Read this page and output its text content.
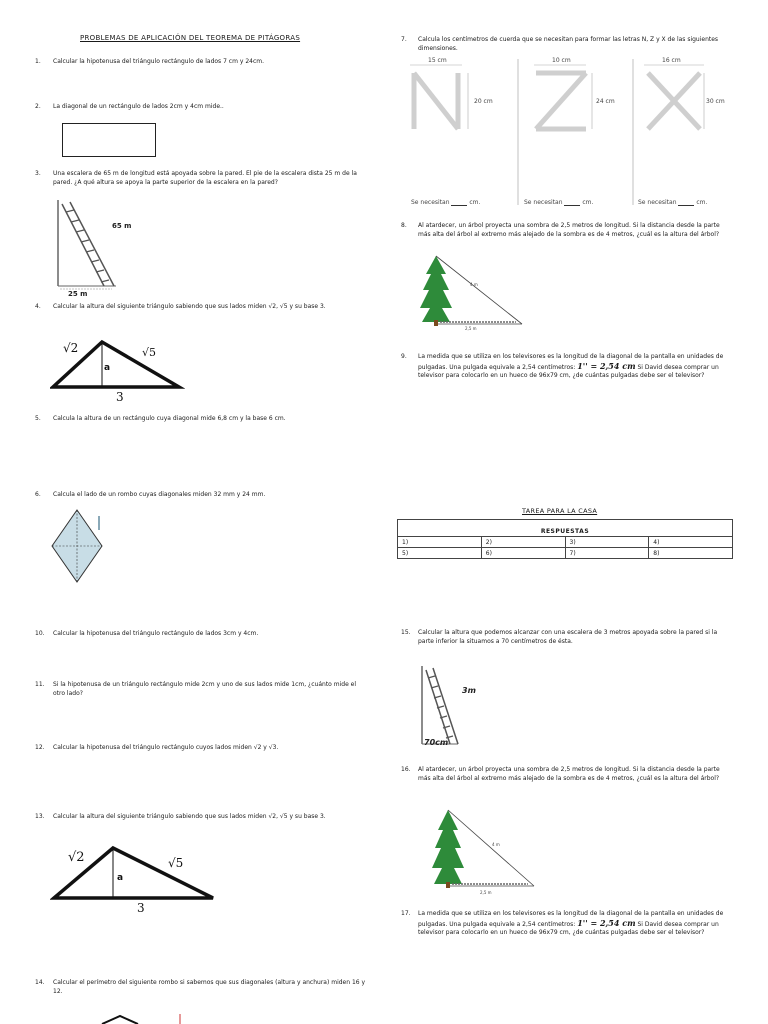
PROBLEMAS DE APLICACIÓN DEL TEOREMA DE PITÁGORAS
1. Calcular la hipotenusa del triángulo rectángulo de lados 7 cm y 24cm.
2. La diagonal de un rectángulo de lados 2cm y 4cm mide..
3. Una escalera de 65 m de longitud está apoyada sobre la pared. El pie de la escalera dista 25 m de la pared. ¿A qué altura se apoya la parte superior de la escalera en la pared?
65 m
25 m
4. Calcular la altura del siguiente triángulo sabiendo que sus lados miden √2, √5 y su base 3.
√2	√5
a
3
5. Calcula la altura de un rectángulo cuya diagonal mide 6,8 cm y la base 6 cm.
6. Calcula el lado de un rombo cuyas diagonales miden 32 mm y 24 mm.
7. Calcula los centímetros de cuerda que se necesitan para formar las letras N, Z y X de las siguientes dimensiones.
15 cm
20 cm
10 cm
24 cm
16 cm
30 cm
Se necesitan	cm.	Se necesitan	cm.	Se necesitan	cm.
8. Al atardecer, un árbol proyecta una sombra de 2,5 metros de longitud. Si la distancia desde la parte más alta del árbol al extremo más alejado de la sombra es de 4 metros, ¿cuál es la altura del árbol?
4 m
2,5 m
9. La medida que se utiliza en los televisores es la longitud de la diagonal de la pantalla en unidades de pulgadas. Una pulgada equivale a 2,54 centímetros: 1'' = 2,54 cm Si David desea comprar un televisor para colocarlo en un hueco de 96x79 cm, ¿de cuántas pulgadas debe ser el televisor?
TAREA PARA LA CASA
RESPUESTAS			
1)	2)	3)	4)
5)	6)	7)	8)
10. Calcular la hipotenusa del triángulo rectángulo de lados 3cm y 4cm.
11. Si la hipotenusa de un triángulo rectángulo mide 2cm y uno de sus lados mide 1cm, ¿cuánto mide el otro lado?
12. Calcular la hipotenusa del triángulo rectángulo cuyos lados miden √2 y √3.
13. Calcular la altura del siguiente triángulo sabiendo que sus lados miden √2, √5 y su base 3.
√2	√5
a
3
14. Calcular el perímetro del siguiente rombo si sabemos que sus diagonales (altura y anchura) miden 16 y 12.
15. Calcular la altura que podemos alcanzar con una escalera de 3 metros apoyada sobre la pared si la parte inferior la situamos a 70 centímetros de ésta.
3m
70cm
16. Al atardecer, un árbol proyecta una sombra de 2,5 metros de longitud. Si la distancia desde la parte más alta del árbol al extremo más alejado de la sombra es de 4 metros, ¿cuál es la altura del árbol?
4 m
2,5 m
17. La medida que se utiliza en los televisores es la longitud de la diagonal de la pantalla en unidades de pulgadas. Una pulgada equivale a 2,54 centímetros: 1'' = 2,54 cm Si David desea comprar un televisor para colocarlo en un hueco de 96x79 cm, ¿de cuántas pulgadas debe ser el televisor?
